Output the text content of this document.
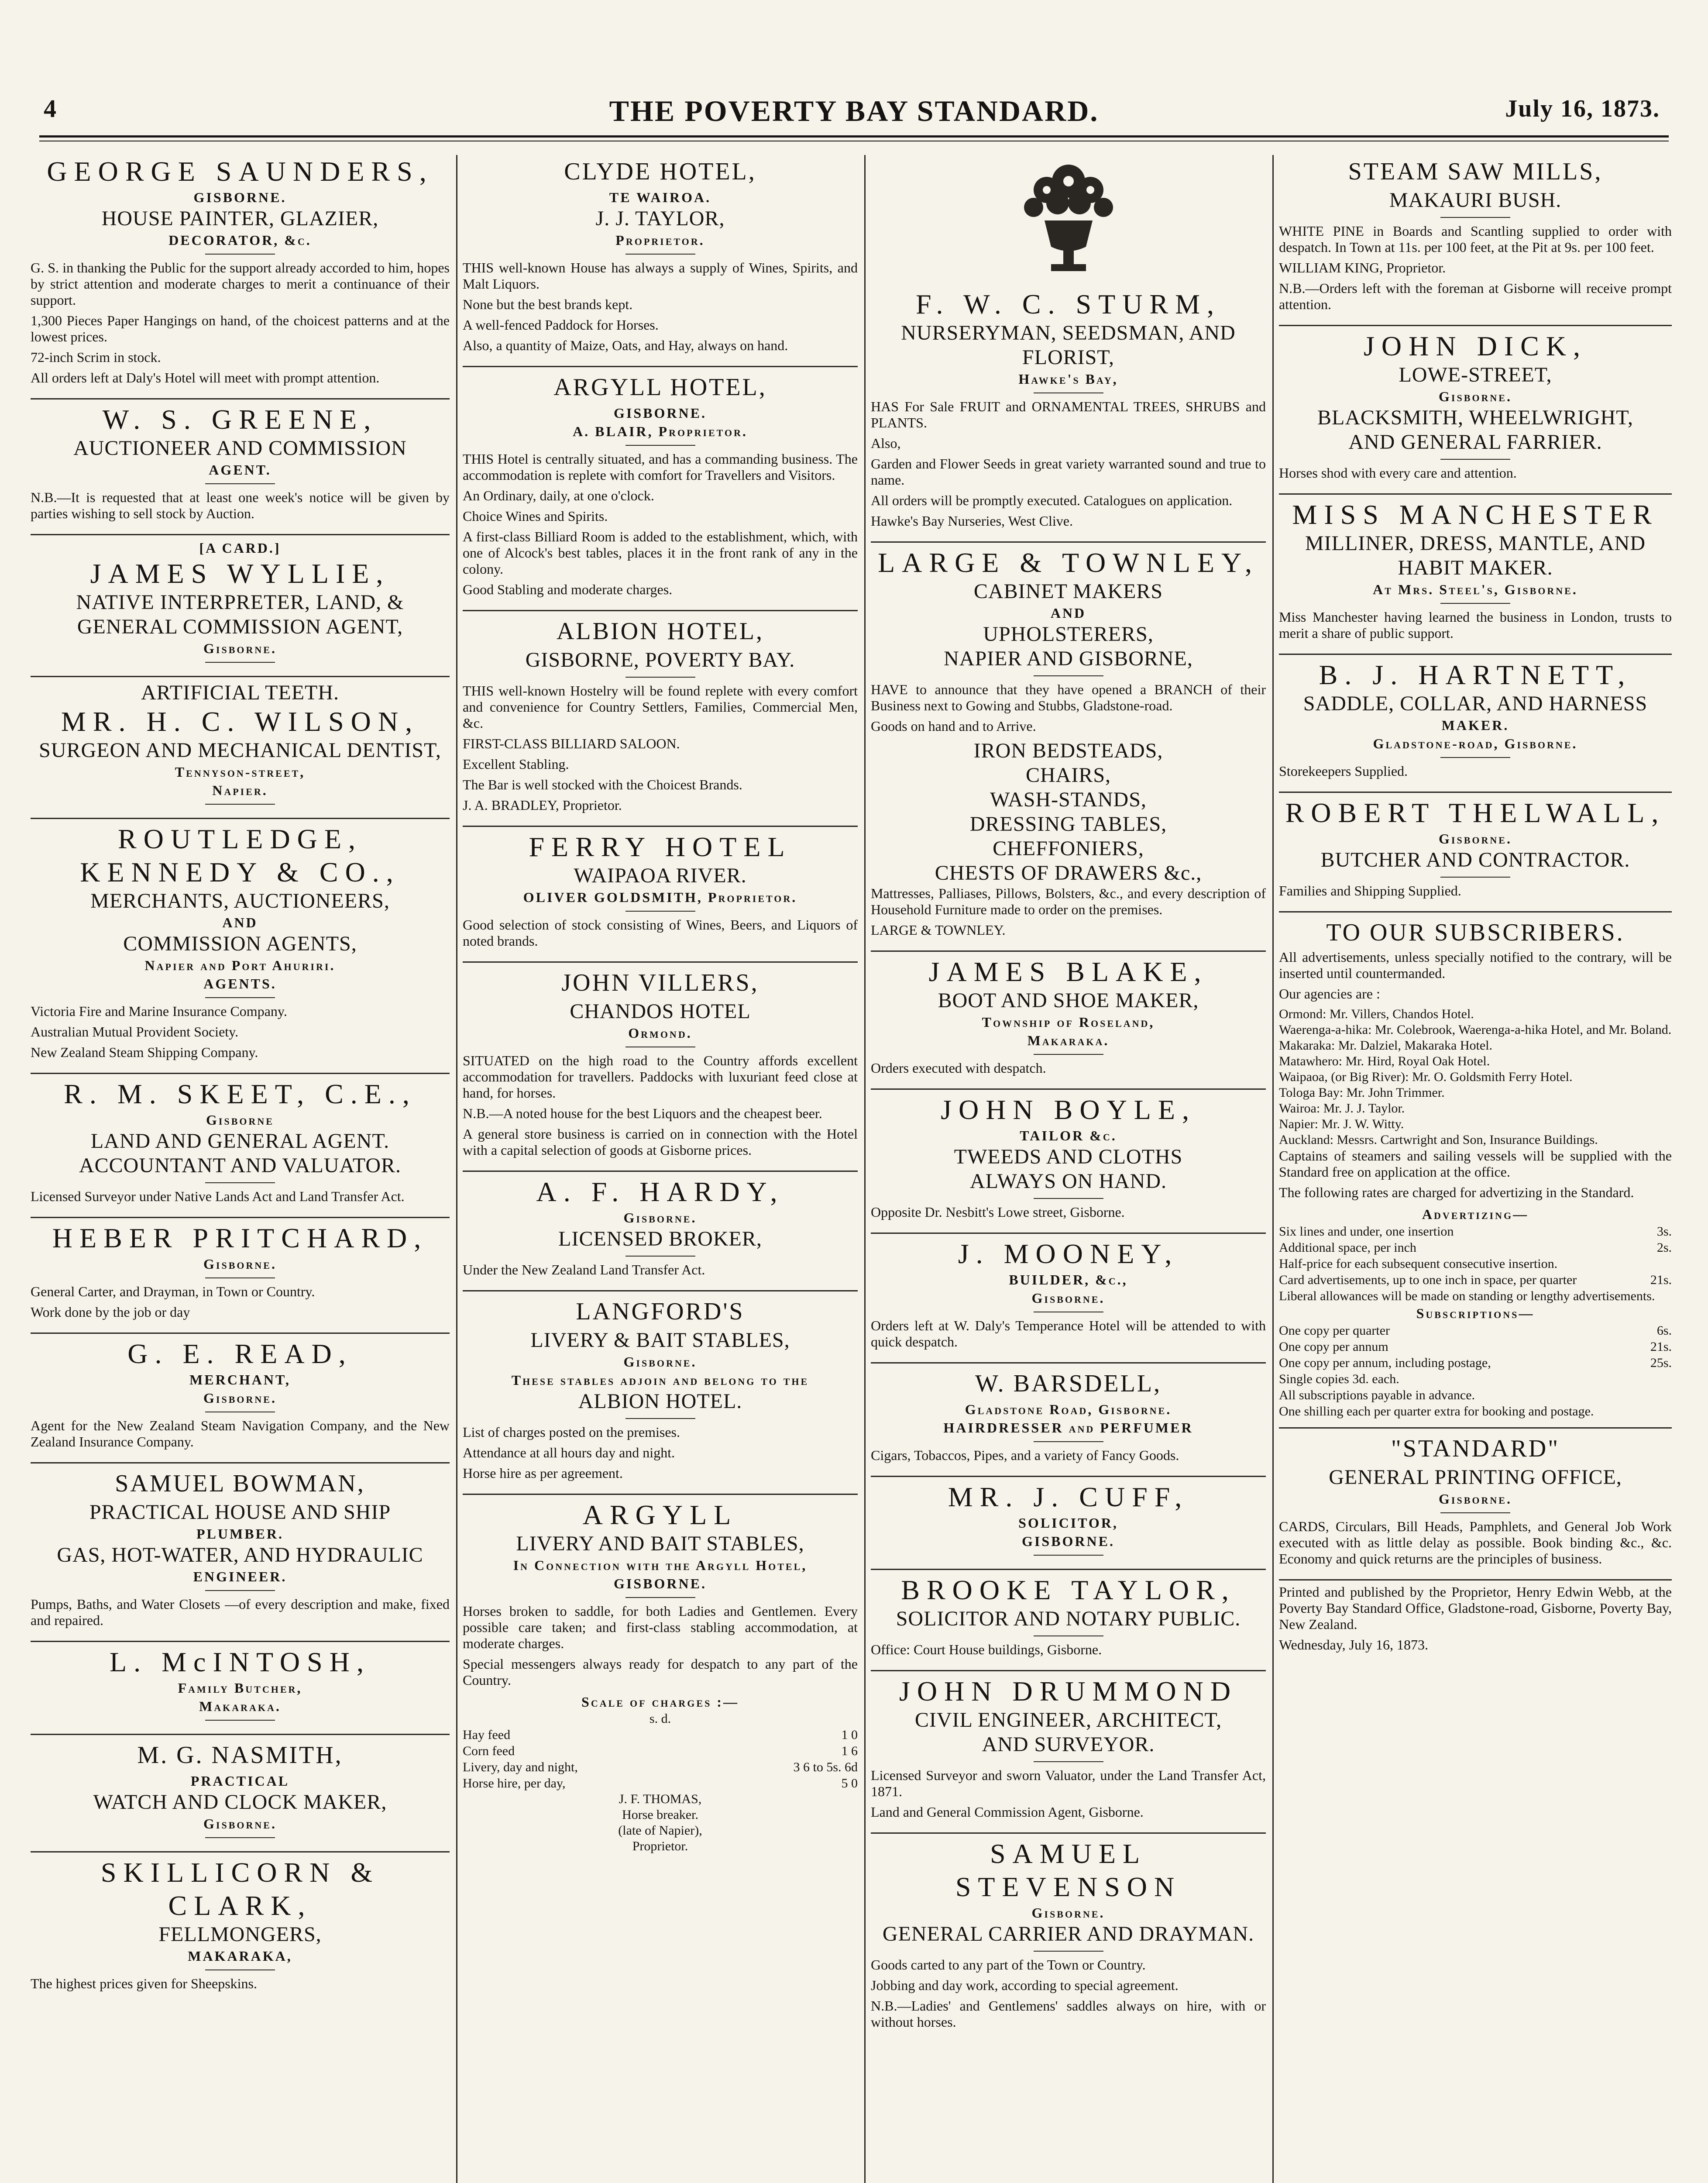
4	THE POVERTY BAY STANDARD.	July 16, 1873.
GEORGE SAUNDERS,
GISBORNE.
HOUSE PAINTER, GLAZIER,
DECORATOR, &c.

G. S. in thanking the Public for the support already accorded to him, hopes by strict attention and moderate charges to merit a continuance of their support.

1,300 Pieces Paper Hangings on hand, of the choicest patterns and at the lowest prices.

72-inch Scrim in stock.

All orders left at Daly's Hotel will meet with prompt attention.

W. S. GREENE,
AUCTIONEER AND COMMISSION
AGENT.

N.B.—It is requested that at least one week's notice will be given by parties wishing to sell stock by Auction.

[A CARD.]
JAMES WYLLIE,
NATIVE INTERPRETER, LAND, &
GENERAL COMMISSION AGENT,
Gisborne.
ARTIFICIAL TEETH.
MR. H. C. WILSON,
SURGEON AND MECHANICAL DENTIST,
Tennyson-street,
Napier.
ROUTLEDGE, KENNEDY & CO.,
MERCHANTS, AUCTIONEERS,
AND
COMMISSION AGENTS,
Napier and Port Ahuriri.
AGENTS.

Victoria Fire and Marine Insurance Company.

Australian Mutual Provident Society.

New Zealand Steam Shipping Company.

R. M. SKEET, C.E.,
Gisborne
LAND AND GENERAL AGENT.
ACCOUNTANT AND VALUATOR.

Licensed Surveyor under Native Lands Act and Land Transfer Act.

HEBER PRITCHARD,
Gisborne.

General Carter, and Drayman, in Town or Country.

Work done by the job or day

G. E. READ,
MERCHANT,
Gisborne.

Agent for the New Zealand Steam Navigation Company, and the New Zealand Insurance Company.

SAMUEL BOWMAN,
PRACTICAL HOUSE AND SHIP
PLUMBER.
GAS, HOT-WATER, AND HYDRAULIC
ENGINEER.

Pumps, Baths, and Water Closets —of every description and make, fixed and repaired.

L. McINTOSH,
Family Butcher,
Makaraka.
M. G. NASMITH,
PRACTICAL
WATCH AND CLOCK MAKER,
Gisborne.
SKILLICORN & CLARK,
FELLMONGERS,
MAKARAKA,

The highest prices given for Sheepskins.

CLYDE HOTEL,
TE WAIROA.
J. J. TAYLOR,
Proprietor.

THIS well-known House has always a supply of Wines, Spirits, and Malt Liquors.

None but the best brands kept.

A well-fenced Paddock for Horses.

Also, a quantity of Maize, Oats, and Hay, always on hand.

ARGYLL HOTEL,
GISBORNE.
A. BLAIR, Proprietor.

THIS Hotel is centrally situated, and has a commanding business. The accommodation is replete with comfort for Travellers and Visitors.

An Ordinary, daily, at one o'clock.

Choice Wines and Spirits.

A first-class Billiard Room is added to the establishment, which, with one of Alcock's best tables, places it in the front rank of any in the colony.

Good Stabling and moderate charges.

ALBION HOTEL,
GISBORNE, POVERTY BAY.

THIS well-known Hostelry will be found replete with every comfort and convenience for Country Settlers, Families, Commercial Men, &c.

FIRST-CLASS BILLIARD SALOON.

Excellent Stabling.

The Bar is well stocked with the Choicest Brands.

J. A. BRADLEY, Proprietor.

FERRY HOTEL
WAIPAOA RIVER.
OLIVER GOLDSMITH, Proprietor.

Good selection of stock consisting of Wines, Beers, and Liquors of noted brands.

JOHN VILLERS,
CHANDOS HOTEL
Ormond.

SITUATED on the high road to the Country affords excellent accommodation for travellers. Paddocks with luxuriant feed close at hand, for horses.

N.B.—A noted house for the best Liquors and the cheapest beer.

A general store business is carried on in connection with the Hotel with a capital selection of goods at Gisborne prices.

A. F. HARDY,
Gisborne.
LICENSED BROKER,

Under the New Zealand Land Transfer Act.

LANGFORD'S
LIVERY & BAIT STABLES,
Gisborne.
These stables adjoin and belong to the
ALBION HOTEL.

List of charges posted on the premises.

Attendance at all hours day and night.

Horse hire as per agreement.

ARGYLL
LIVERY AND BAIT STABLES,
In Connection with the Argyll Hotel,
GISBORNE.

Horses broken to saddle, for both Ladies and Gentlemen. Every possible care taken; and first-class stabling accommodation, at moderate charges.

Special messengers always ready for despatch to any part of the Country.

Scale of charges :—
s. d.
Hay feed	1 0
Corn feed	1 6
Livery, day and night,	3 6 to 5s. 6d
Horse hire, per day,	5 0
J. F. THOMAS,
Horse breaker.
(late of Napier),
Proprietor.
F. W. C. STURM,
NURSERYMAN, SEEDSMAN, AND FLORIST,
Hawke's Bay,

HAS For Sale FRUIT and ORNAMENTAL TREES, SHRUBS and PLANTS.

Also,

Garden and Flower Seeds in great variety warranted sound and true to name.

All orders will be promptly executed. Catalogues on application.

Hawke's Bay Nurseries, West Clive.

LARGE & TOWNLEY,
CABINET MAKERS
AND
UPHOLSTERERS,
NAPIER AND GISBORNE,

HAVE to announce that they have opened a BRANCH of their Business next to Gowing and Stubbs, Gladstone-road.

Goods on hand and to Arrive.

IRON BEDSTEADS,
CHAIRS,
WASH-STANDS,
DRESSING TABLES,
CHEFFONIERS,
CHESTS OF DRAWERS &c.,

Mattresses, Palliases, Pillows, Bolsters, &c., and every description of Household Furniture made to order on the premises.

LARGE & TOWNLEY.

JAMES BLAKE,
BOOT AND SHOE MAKER,
Township of Roseland,
Makaraka.

Orders executed with despatch.

JOHN BOYLE,
TAILOR &c.
TWEEDS AND CLOTHS
ALWAYS ON HAND.

Opposite Dr. Nesbitt's Lowe street, Gisborne.

J. MOONEY,
BUILDER, &c.,
Gisborne.

Orders left at W. Daly's Temperance Hotel will be attended to with quick despatch.

W. BARSDELL,
Gladstone Road, Gisborne.
HAIRDRESSER and PERFUMER

Cigars, Tobaccos, Pipes, and a variety of Fancy Goods.

MR. J. CUFF,
SOLICITOR,
GISBORNE.
BROOKE TAYLOR,
SOLICITOR AND NOTARY PUBLIC.

Office: Court House buildings, Gisborne.

JOHN DRUMMOND
CIVIL ENGINEER, ARCHITECT,
AND SURVEYOR.

Licensed Surveyor and sworn Valuator, under the Land Transfer Act, 1871.

Land and General Commission Agent, Gisborne.

SAMUEL STEVENSON
Gisborne.
GENERAL CARRIER AND DRAYMAN.

Goods carted to any part of the Town or Country.

Jobbing and day work, according to special agreement.

N.B.—Ladies' and Gentlemens' saddles always on hire, with or without horses.

STEAM SAW MILLS,
MAKAURI BUSH.

WHITE PINE in Boards and Scantling supplied to order with despatch. In Town at 11s. per 100 feet, at the Pit at 9s. per 100 feet.

WILLIAM KING, Proprietor.

N.B.—Orders left with the foreman at Gisborne will receive prompt attention.

JOHN DICK,
LOWE-STREET,
Gisborne.
BLACKSMITH, WHEELWRIGHT,
AND GENERAL FARRIER.

Horses shod with every care and attention.

MISS MANCHESTER
MILLINER, DRESS, MANTLE, AND
HABIT MAKER.
At Mrs. Steel's, Gisborne.

Miss Manchester having learned the business in London, trusts to merit a share of public support.

B. J. HARTNETT,
SADDLE, COLLAR, AND HARNESS
MAKER.
Gladstone-road, Gisborne.

Storekeepers Supplied.

ROBERT THELWALL,
Gisborne.
BUTCHER AND CONTRACTOR.

Families and Shipping Supplied.

TO OUR SUBSCRIBERS.

All advertisements, unless specially notified to the contrary, will be inserted until countermanded.

Our agencies are :

Ormond: Mr. Villers, Chandos Hotel.
Waerenga-a-hika: Mr. Colebrook, Waerenga-a-hika Hotel, and Mr. Boland.
Makaraka: Mr. Dalziel, Makaraka Hotel.
Matawhero: Mr. Hird, Royal Oak Hotel.
Waipaoa, (or Big River): Mr. O. Goldsmith Ferry Hotel.
Tologa Bay: Mr. John Trimmer.
Wairoa: Mr. J. J. Taylor.
Napier: Mr. J. W. Witty.
Auckland: Messrs. Cartwright and Son, Insurance Buildings.

Captains of steamers and sailing vessels will be supplied with the Standard free on application at the office.

The following rates are charged for advertizing in the Standard.

Advertizing—
Six lines and under, one insertion	3s.
Additional space, per inch	2s.
Half-price for each subsequent consecutive insertion.
Card advertisements, up to one inch in space, per quarter	21s.
Liberal allowances will be made on standing or lengthy advertisements.
Subscriptions—
One copy per quarter	6s.
One copy per annum	21s.
One copy per annum, including postage,	25s.
Single copies 3d. each.
All subscriptions payable in advance.
One shilling each per quarter extra for booking and postage.
"STANDARD"
GENERAL PRINTING OFFICE,
Gisborne.

CARDS, Circulars, Bill Heads, Pamphlets, and General Job Work executed with as little delay as possible. Book binding &c., &c. Economy and quick returns are the principles of business.

Printed and published by the Proprietor, Henry Edwin Webb, at the Poverty Bay Standard Office, Gladstone-road, Gisborne, Poverty Bay, New Zealand.

Wednesday, July 16, 1873.
